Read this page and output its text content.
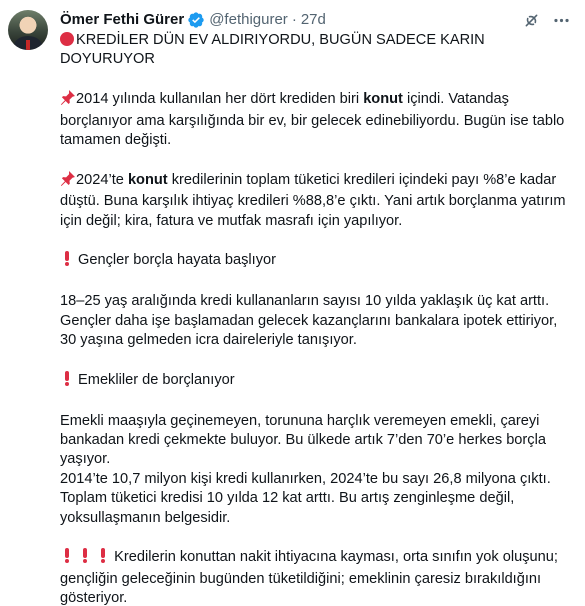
Ömer Fethi Gürer @fethigurer · 27d

KREDİLER DÜN EV ALDIRIYORDU, BUGÜN SADECE KARIN DOYURUYOR

2014 yılında kullanılan her dört krediden biri konut içindi. Vatandaş borçlanıyor ama karşılığında bir ev, bir gelecek edinebiliyordu. Bugün ise tablo tamamen değişti.

2024’te konut kredilerinin toplam tüketici kredileri içindeki payı %8’e kadar düştü. Buna karşılık ihtiyaç kredileri %88,8’e çıktı. Yani artık borçlanma yatırım için değil; kira, fatura ve mutfak masrafı için yapılıyor.

Gençler borçla hayata başlıyor

18–25 yaş aralığında kredi kullananların sayısı 10 yılda yaklaşık üç kat arttı. Gençler daha işe başlamadan gelecek kazançlarını bankalara ipotek ettiriyor, 30 yaşına gelmeden icra daireleriyle tanışıyor.

Emekliler de borçlanıyor

Emekli maaşıyla geçinemeyen, torununa harçlık veremeyen emekli, çareyi bankadan kredi çekmekte buluyor. Bu ülkede artık 7’den 70’e herkes borçla yaşıyor.

2014’te 10,7 milyon kişi kredi kullanırken, 2024’te bu sayı 26,8 milyona çıktı. Toplam tüketici kredisi 10 yılda 12 kat arttı. Bu artış zenginleşme değil, yoksullaşmanın belgesidir.

Kredilerin konuttan nakit ihtiyacına kayması, orta sınıfın yok oluşunu; gençliğin geleceğinin bugünden tüketildiğini; emeklinin çaresiz bırakıldığını gösteriyor.
